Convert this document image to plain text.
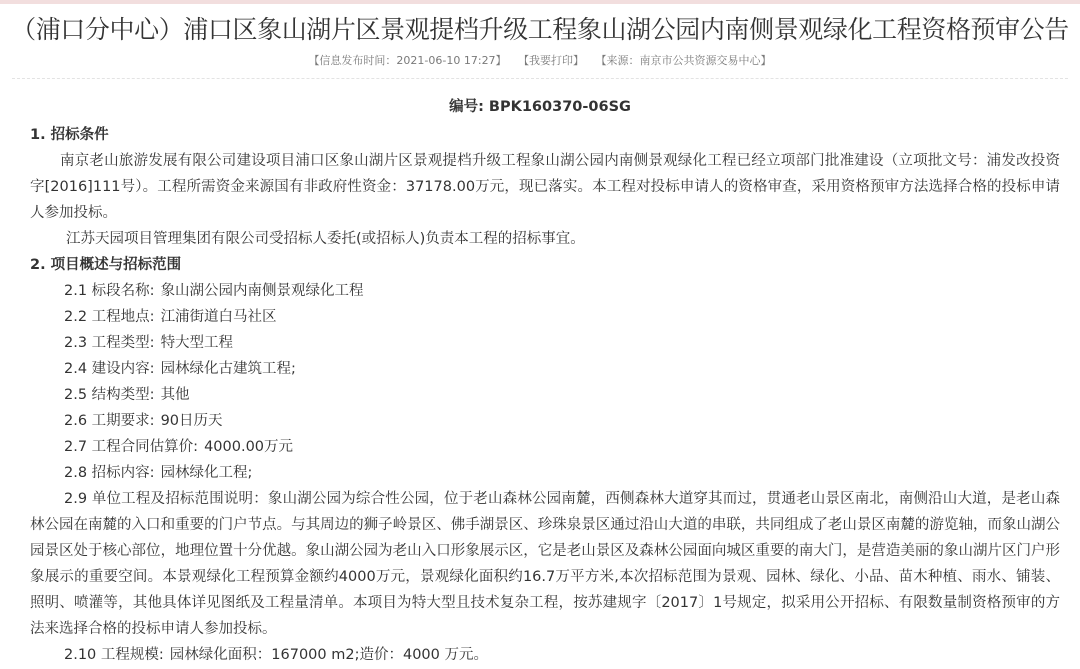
（浦口分中心）浦口区象山湖片区景观提档升级工程象山湖公园内南侧景观绿化工程资格预审公告
【信息发布时间：2021-06-10 17:27】 【我要打印】 【来源：南京市公共资源交易中心】
编号: BPK160370-06SG

1. 招标条件

南京老山旅游发展有限公司建设项目浦口区象山湖片区景观提档升级工程象山湖公园内南侧景观绿化工程已经立项部门批准建设（立项批文号：浦发改投资字[2016]111号）。工程所需资金来源国有非政府性资金：37178.00万元，现已落实。本工程对投标申请人的资格审查，采用资格预审方法选择合格的投标申请人参加投标。

江苏天园项目管理集团有限公司受招标人委托(或招标人)负责本工程的招标事宜。

2. 项目概述与招标范围

2.1 标段名称: 象山湖公园内南侧景观绿化工程

2.2 工程地点: 江浦街道白马社区

2.3 工程类型: 特大型工程

2.4 建设内容: 园林绿化古建筑工程;

2.5 结构类型: 其他

2.6 工期要求: 90日历天

2.7 工程合同估算价: 4000.00万元

2.8 招标内容: 园林绿化工程;

2.9 单位工程及招标范围说明：象山湖公园为综合性公园，位于老山森林公园南麓，西侧森林大道穿其而过，贯通老山景区南北，南侧沿山大道，是老山森林公园在南麓的入口和重要的门户节点。与其周边的狮子岭景区、佛手湖景区、珍珠泉景区通过沿山大道的串联，共同组成了老山景区南麓的游览轴，而象山湖公园景区处于核心部位，地理位置十分优越。象山湖公园为老山入口形象展示区，它是老山景区及森林公园面向城区重要的南大门，是营造美丽的象山湖片区门户形象展示的重要空间。本景观绿化工程预算金额约4000万元，景观绿化面积约16.7万平方米,本次招标范围为景观、园林、绿化、小品、苗木种植、雨水、铺装、照明、喷灌等，其他具体详见图纸及工程量清单。本项目为特大型且技术复杂工程，按苏建规字〔2017〕1号规定，拟采用公开招标、有限数量制资格预审的方法来选择合格的投标申请人参加投标。

2.10 工程规模: 园林绿化面积：167000 m2;造价：4000 万元。
